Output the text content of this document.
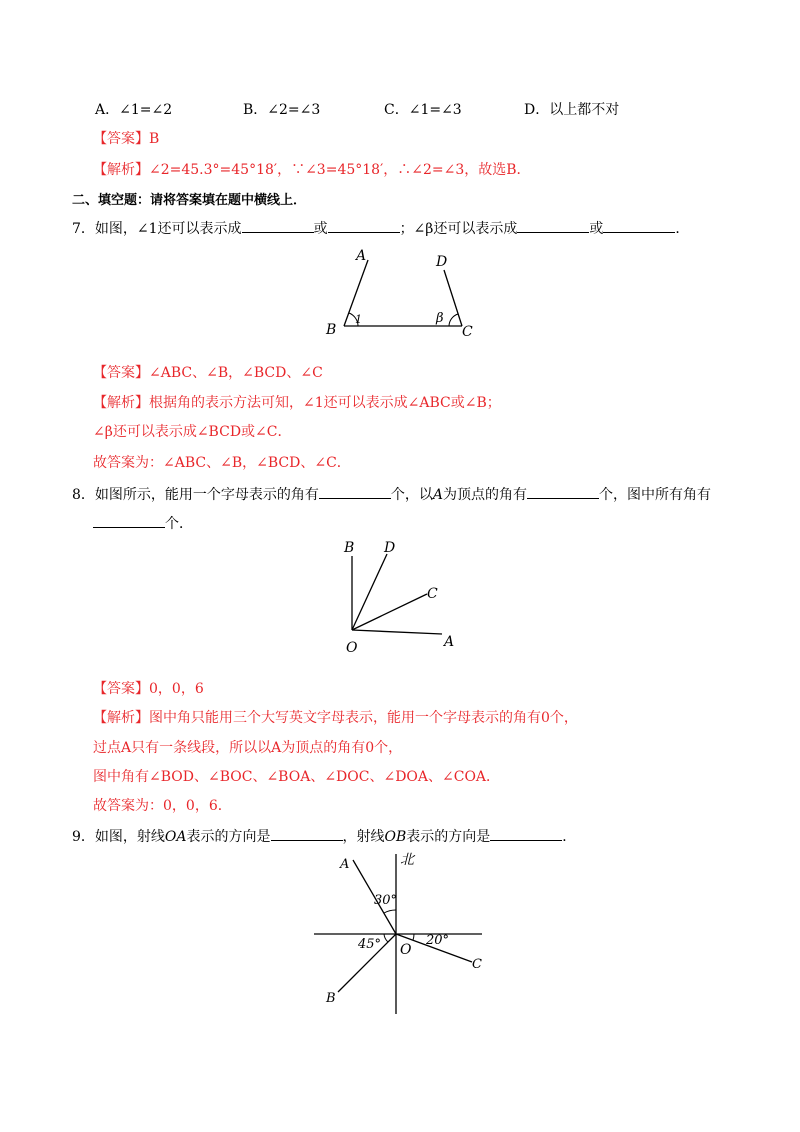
A．∠1=∠2	B．∠2=∠3	C．∠1=∠3	D．以上都不对
【答案】B
【解析】∠2=45.3°=45°18′，∵∠3=45°18′，∴∠2=∠3，故选B．
二、填空题：请将答案填在题中横线上．
7．如图，∠1还可以表示成	或	；∠β还可以表示成	或	．
A	D
B	C
1	β
【答案】∠ABC、∠B，∠BCD、∠C
【解析】根据角的表示方法可知，∠1还可以表示成∠ABC或∠B；
∠β还可以表示成∠BCD或∠C．
故答案为：∠ABC、∠B，∠BCD、∠C．
8．如图所示，能用一个字母表示的角有	个，以A为顶点的角有	个，图中所有角有
个．
B D
C
O	A
【答案】0，0，6
【解析】图中角只能用三个大写英文字母表示，能用一个字母表示的角有0个，
过点A只有一条线段，所以以A为顶点的角有0个，
图中角有∠BOD、∠BOC、∠BOA、∠DOC、∠DOA、∠COA．
故答案为：0，0，6．
9．如图，射线OA表示的方向是	，射线OB表示的方向是	．
A	北
30°
45° O
20°
C
B
